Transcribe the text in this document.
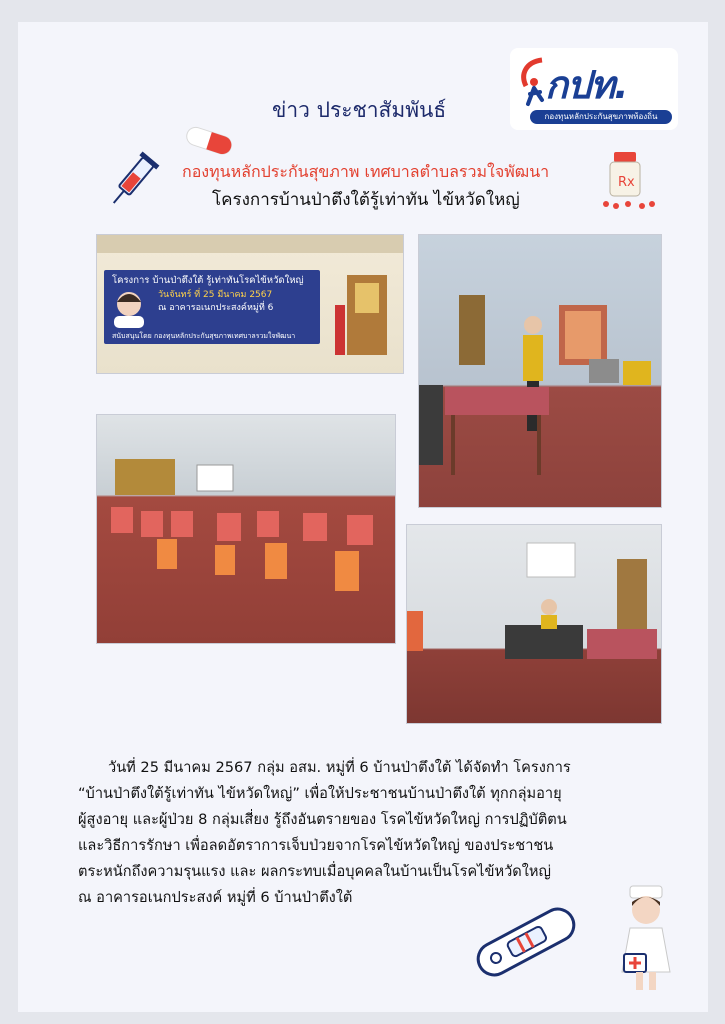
ข่าว ประชาสัมพันธ์
กปท.
กองทุนหลักประกันสุขภาพท้องถิ่น
Rx
กองทุนหลักประกันสุขภาพ เทศบาลตำบลรวมใจพัฒนา
โครงการบ้านป่าตึงใต้รู้เท่าทัน ไข้หวัดใหญ่
โครงการ บ้านป่าตึงใต้ รู้เท่าทันโรคไข้หวัดใหญ่
วันจันทร์ ที่ 25 มีนาคม 2567
ณ อาคารอเนกประสงค์หมู่ที่ 6
สนับสนุนโดย กองทุนหลักประกันสุขภาพเทศบาลรวมใจพัฒนา
วันที่ 25 มีนาคม 2567 กลุ่ม อสม. หมู่ที่ 6 บ้านป่าตึงใต้ ได้จัดทำ โครงการ
“บ้านป่าตึงใต้รู้เท่าทัน ไข้หวัดใหญ่” เพื่อให้ประชาชนบ้านป่าตึงใต้ ทุกกลุ่มอายุ
ผู้สูงอายุ และผู้ป่วย 8 กลุ่มเสี่ยง รู้ถึงอันตรายของ โรคไข้หวัดใหญ่ การปฏิบัติตน
และวิธีการรักษา เพื่อลดอัตราการเจ็บป่วยจากโรคไข้หวัดใหญ่ ของประชาชน
ตระหนักถึงความรุนแรง และ ผลกระทบเมื่อบุคคลในบ้านเป็นโรคไข้หวัดใหญ่
ณ อาคารอเนกประสงค์ หมู่ที่ 6 บ้านป่าตึงใต้
